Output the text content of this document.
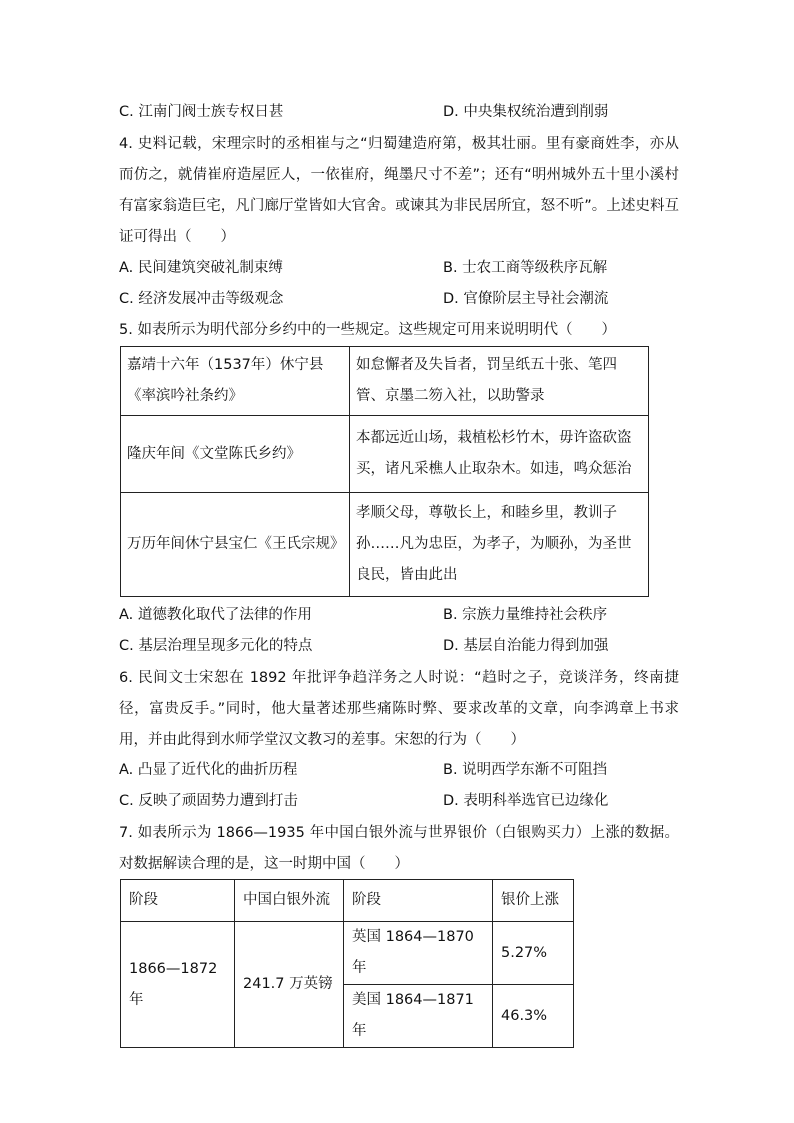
C. 江南门阀士族专权日甚	D. 中央集权统治遭到削弱
4. 史料记载，宋理宗时的丞相崔与之“归蜀建造府第，极其壮丽。里有豪商姓李，亦从而仿之，就倩崔府造屋匠人，一依崔府，绳墨尺寸不差”；还有“明州城外五十里小溪村有富家翁造巨宅，凡门廊厅堂皆如大官舍。或谏其为非民居所宜，怒不听”。上述史料互证可得出（　　）
A. 民间建筑突破礼制束缚	B. 士农工商等级秩序瓦解
C. 经济发展冲击等级观念	D. 官僚阶层主导社会潮流
5. 如表所示为明代部分乡约中的一些规定。这些规定可用来说明明代（　　）
嘉靖十六年（1537年）休宁县《率滨吟社条约》	如怠懈者及失旨者，罚呈纸五十张、笔四管、京墨二笏入社，以助警录
隆庆年间《文堂陈氏乡约》	本都远近山场，栽植松杉竹木，毋许盗砍盗买，诸凡采樵人止取杂木。如违，鸣众惩治
万历年间休宁县宝仁《王氏宗规》	孝顺父母，尊敬长上，和睦乡里，教训子孙……凡为忠臣，为孝子，为顺孙，为圣世良民，皆由此出
A. 道德教化取代了法律的作用	B. 宗族力量维持社会秩序
C. 基层治理呈现多元化的特点	D. 基层自治能力得到加强
6. 民间文士宋恕在 1892 年批评争趋洋务之人时说：“趋时之子，竞谈洋务，终南捷径，富贵反手。”同时，他大量著述那些痛陈时弊、要求改革的文章，向李鸿章上书求用，并由此得到水师学堂汉文教习的差事。宋恕的行为（　　）
A. 凸显了近代化的曲折历程	B. 说明西学东渐不可阻挡
C. 反映了顽固势力遭到打击	D. 表明科举选官已边缘化
7. 如表所示为 1866—1935 年中国白银外流与世界银价（白银购买力）上涨的数据。对数据解读合理的是，这一时期中国（　　）
阶段	中国白银外流	阶段	银价上涨
1866—1872 年	241.7 万英镑	英国 1864—1870 年	5.27%
		美国 1864—1871 年	46.3%
